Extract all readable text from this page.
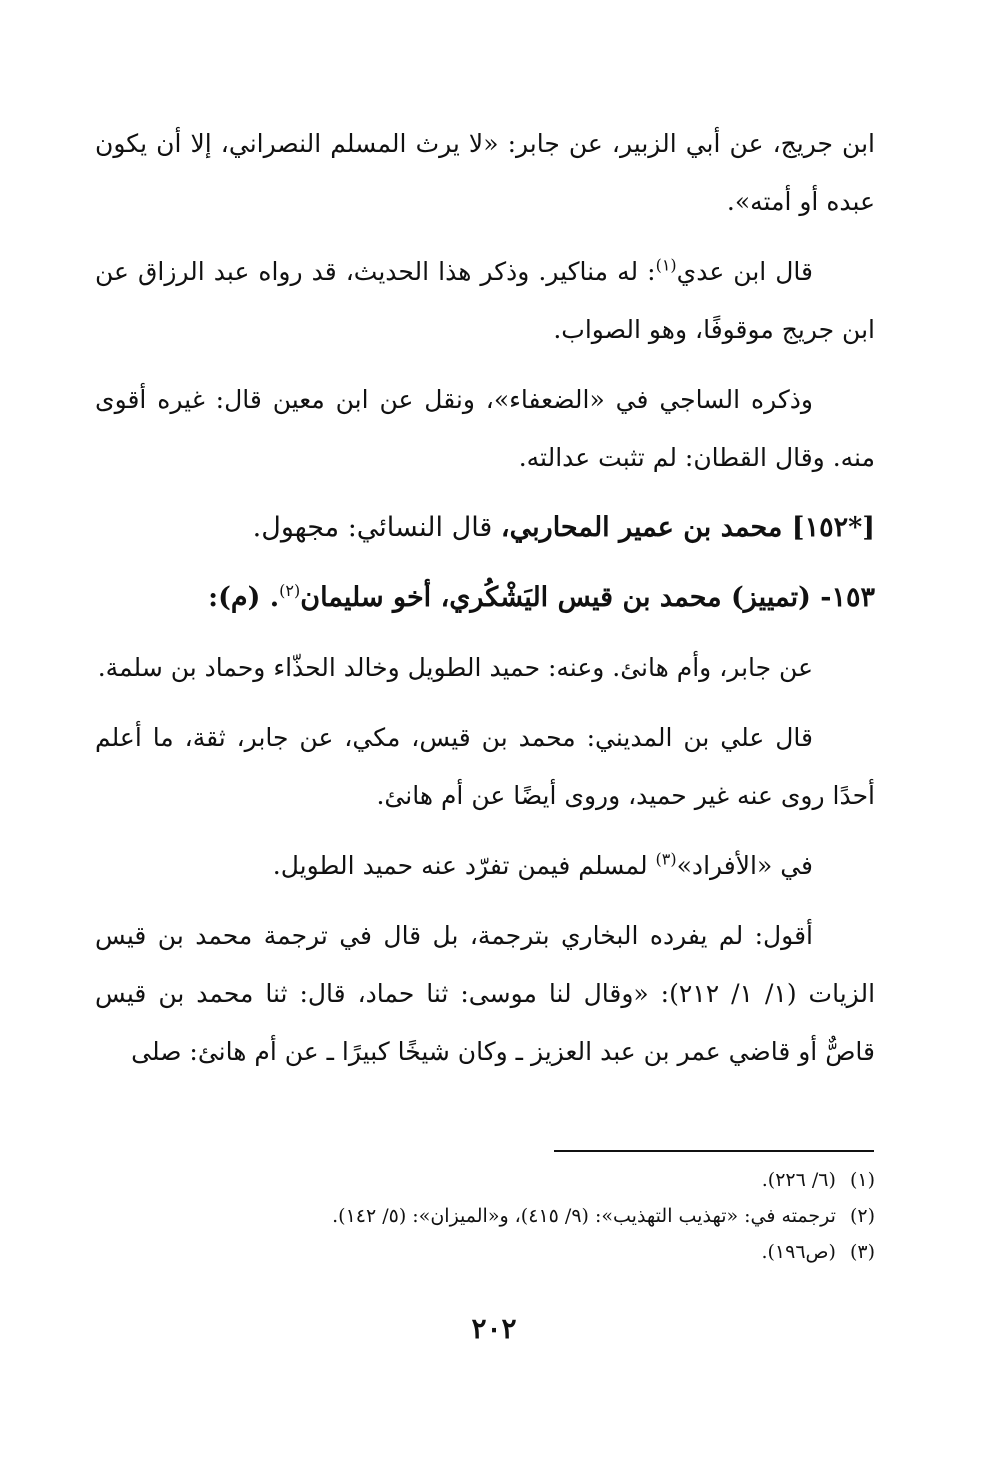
ابن جريج، عن أبي الزبير، عن جابر: «لا يرث المسلم النصراني، إلا أن يكون عبده أو أمته».

قال ابن عدي$^{(١)}$: له مناكير. وذكر هذا الحديث، قد رواه عبد الرزاق عن ابن جريج موقوفًا، وهو الصواب.

وذكره الساجي في «الضعفاء»، ونقل عن ابن معين قال: غيره أقوى منه. وقال القطان: لم تثبت عدالته.

[*١٥٢] محمد بن عمير المحاربي، قال النسائي: مجهول.

١٥٣- (تمييز) محمد بن قيس اليَشْكُري، أخو سليمان$^{(٢)}$. (م):

عن جابر، وأم هانئ. وعنه: حميد الطويل وخالد الحذّاء وحماد بن سلمة.

قال علي بن المديني: محمد بن قيس، مكي، عن جابر، ثقة، ما أعلم أحدًا روى عنه غير حميد، وروى أيضًا عن أم هانئ.

في «الأفراد»$^{(٣)}$ لمسلم فيمن تفرّد عنه حميد الطويل.

أقول: لم يفرده البخاري بترجمة، بل قال في ترجمة محمد بن قيس الزيات (١/ ١/ ٢١٢): «وقال لنا موسى: ثنا حماد، قال: ثنا محمد بن قيس قاصٌّ أو قاضي عمر بن عبد العزيز ـ وكان شيخًا كبيرًا ـ عن أم هانئ: صلى

(١)(٦/ ٢٢٦).

(٢)ترجمته في: «تهذيب التهذيب»: (٩/ ٤١٥)، و«الميزان»: (٥/ ١٤٢).

(٣)(ص١٩٦).

٢٠٢
